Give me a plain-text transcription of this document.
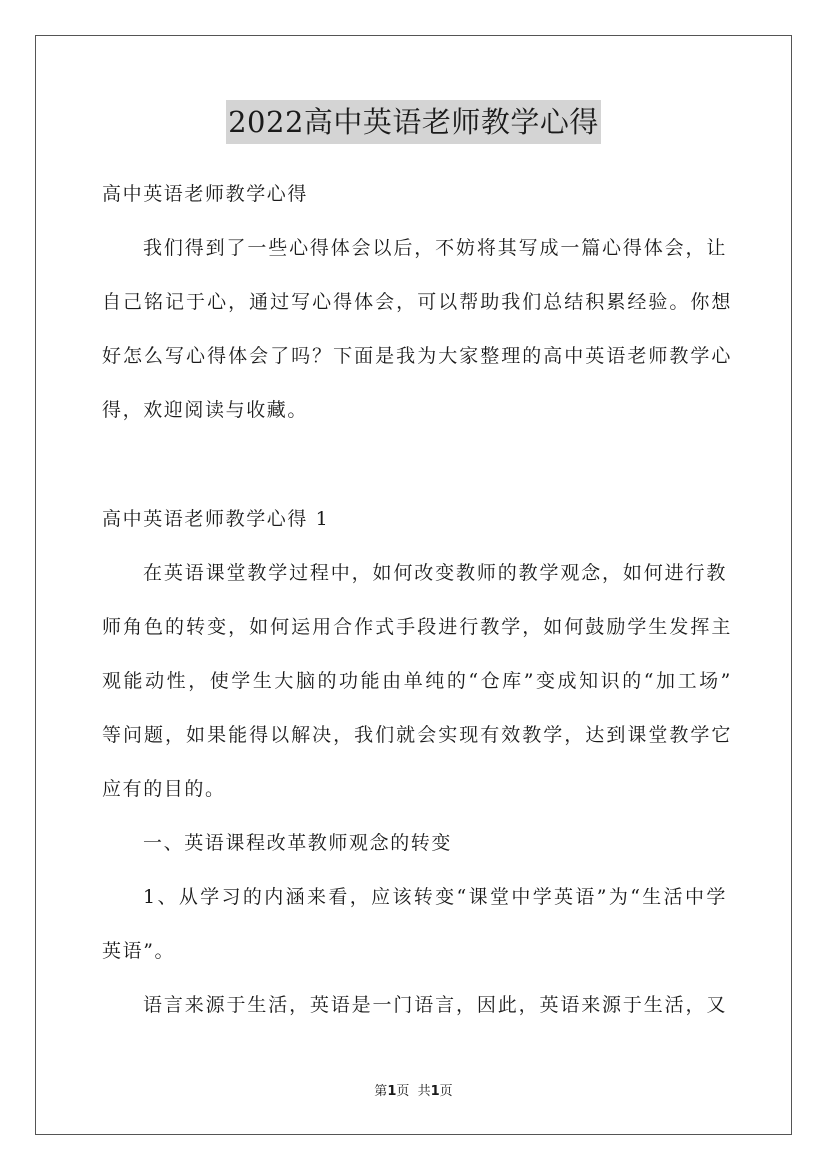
2022高中英语老师教学心得
高中英语老师教学心得
我们得到了一些心得体会以后，不妨将其写成一篇心得体会，让
自己铭记于心，通过写心得体会，可以帮助我们总结积累经验。你想
好怎么写心得体会了吗？下面是我为大家整理的高中英语老师教学心
得，欢迎阅读与收藏。
高中英语老师教学心得 1
在英语课堂教学过程中，如何改变教师的教学观念，如何进行教
师角色的转变，如何运用合作式手段进行教学，如何鼓励学生发挥主
观能动性，使学生大脑的功能由单纯的“仓库”变成知识的“加工场”
等问题，如果能得以解决，我们就会实现有效教学，达到课堂教学它
应有的目的。
一、英语课程改革教师观念的转变
1、从学习的内涵来看，应该转变“课堂中学英语”为“生活中学
英语”。
语言来源于生活，英语是一门语言，因此，英语来源于生活，又
第1页  共1页
